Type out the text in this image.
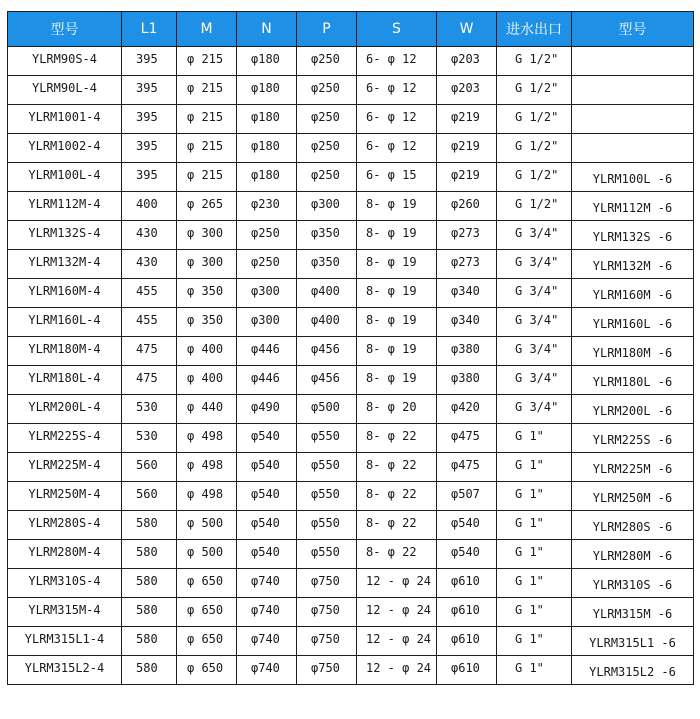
型号	L1	M	N	P	S	W	进水出口	型号
YLRM90S-4	395	φ 215	φ180	φ250	6- φ 12	φ203	G 1/2"	
YLRM90L-4	395	φ 215	φ180	φ250	6- φ 12	φ203	G 1/2"	
YLRM1001-4	395	φ 215	φ180	φ250	6- φ 12	φ219	G 1/2"	
YLRM1002-4	395	φ 215	φ180	φ250	6- φ 12	φ219	G 1/2"	
YLRM100L-4	395	φ 215	φ180	φ250	6- φ 15	φ219	G 1/2"	YLRM100L -6
YLRM112M-4	400	φ 265	φ230	φ300	8- φ 19	φ260	G 1/2"	YLRM112M -6
YLRM132S-4	430	φ 300	φ250	φ350	8- φ 19	φ273	G 3/4"	YLRM132S -6
YLRM132M-4	430	φ 300	φ250	φ350	8- φ 19	φ273	G 3/4"	YLRM132M -6
YLRM160M-4	455	φ 350	φ300	φ400	8- φ 19	φ340	G 3/4"	YLRM160M -6
YLRM160L-4	455	φ 350	φ300	φ400	8- φ 19	φ340	G 3/4"	YLRM160L -6
YLRM180M-4	475	φ 400	φ446	φ456	8- φ 19	φ380	G 3/4"	YLRM180M -6
YLRM180L-4	475	φ 400	φ446	φ456	8- φ 19	φ380	G 3/4"	YLRM180L -6
YLRM200L-4	530	φ 440	φ490	φ500	8- φ 20	φ420	G 3/4"	YLRM200L -6
YLRM225S-4	530	φ 498	φ540	φ550	8- φ 22	φ475	G 1"	YLRM225S -6
YLRM225M-4	560	φ 498	φ540	φ550	8- φ 22	φ475	G 1"	YLRM225M -6
YLRM250M-4	560	φ 498	φ540	φ550	8- φ 22	φ507	G 1"	YLRM250M -6
YLRM280S-4	580	φ 500	φ540	φ550	8- φ 22	φ540	G 1"	YLRM280S -6
YLRM280M-4	580	φ 500	φ540	φ550	8- φ 22	φ540	G 1"	YLRM280M -6
YLRM310S-4	580	φ 650	φ740	φ750	12 - φ 24	φ610	G 1"	YLRM310S -6
YLRM315M-4	580	φ 650	φ740	φ750	12 - φ 24	φ610	G 1"	YLRM315M -6
YLRM315L1-4	580	φ 650	φ740	φ750	12 - φ 24	φ610	G 1"	YLRM315L1 -6
YLRM315L2-4	580	φ 650	φ740	φ750	12 - φ 24	φ610	G 1"	YLRM315L2 -6
